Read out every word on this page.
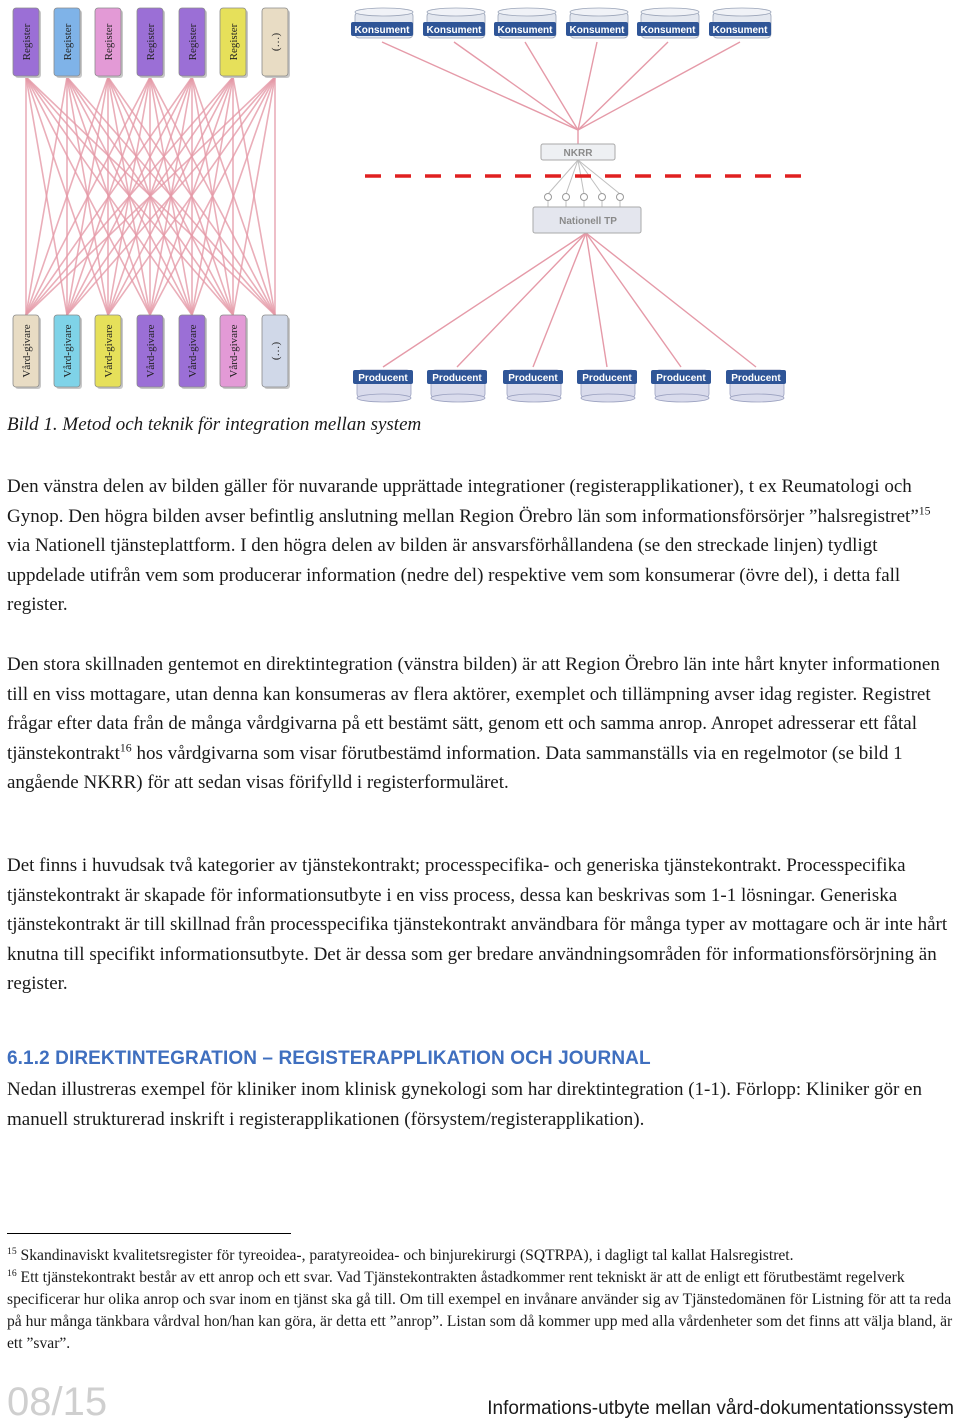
Register	Register	Register	Register	Register	Register	(…)
Vård-givare	Vård-givare	Vård-givare	Vård-givare	Vård-givare	Vård-givare	(…)
Konsument Konsument Konsument Konsument Konsument Konsument
NKRR
Nationell TP
Producent Producent	Producent Producent Producent	Producent

Bild 1. Metod och teknik för integration mellan system

Den vänstra delen av bilden gäller för nuvarande upprättade integrationer (registerapplikationer), t ex Reumatologi och Gynop. Den högra bilden avser befintlig anslutning mellan Region Örebro län som informationsförsörjer ”halsregistret”$^{15}$ via Nationell tjänsteplattform. I den högra delen av bilden är ansvarsförhållandena (se den streckade linjen) tydligt uppdelade utifrån vem som producerar information (nedre del) respektive vem som konsumerar (övre del), i detta fall register.

Den stora skillnaden gentemot en direktintegration (vänstra bilden) är att Region Örebro län inte hårt knyter informationen till en viss mottagare, utan denna kan konsumeras av flera aktörer, exemplet och tillämpning avser idag register. Registret frågar efter data från de många vårdgivarna på ett bestämt sätt, genom ett och samma anrop. Anropet adresserar ett fåtal tjänstekontrakt$^{16}$ hos vårdgivarna som visar förutbestämd information. Data sammanställs via en regelmotor (se bild 1 angående NKRR) för att sedan visas förifylld i registerformuläret.

Det finns i huvudsak två kategorier av tjänstekontrakt; processpecifika- och generiska tjänstekontrakt. Processpecifika tjänstekontrakt är skapade för informationsutbyte i en viss process, dessa kan beskrivas som 1-1 lösningar. Generiska tjänstekontrakt är till skillnad från processpecifika tjänstekontrakt användbara för många typer av mottagare och är inte hårt knutna till specifikt informationsutbyte. Det är dessa som ger bredare användningsområden för informationsförsörjning än register.

6.1.2 DIREKTINTEGRATION – REGISTERAPPLIKATION OCH JOURNAL

Nedan illustreras exempel för kliniker inom klinisk gynekologi som har direktintegration (1-1). Förlopp: Kliniker gör en manuell strukturerad inskrift i registerapplikationen (försystem/registerapplikation).

$^{15}$ Skandinaviskt kvalitetsregister för tyreoidea-, paratyreoidea- och binjurekirurgi (SQTRPA), i dagligt tal kallat Halsregistret.

$^{16}$ Ett tjänstekontrakt består av ett anrop och ett svar. Vad Tjänstekontrakten åstadkommer rent tekniskt är att de enligt ett förutbestämt regelverk specificerar hur olika anrop och svar inom en tjänst ska gå till. Om till exempel en invånare använder sig av Tjänstedomänen för Listning för att ta reda på hur många tänkbara vårdval hon/han kan göra, är detta ett ”anrop”. Listan som då kommer upp med alla vårdenheter som det finns att välja bland, är ett ”svar”.

08/15	Informations-utbyte mellan vård-dokumentationssystem
